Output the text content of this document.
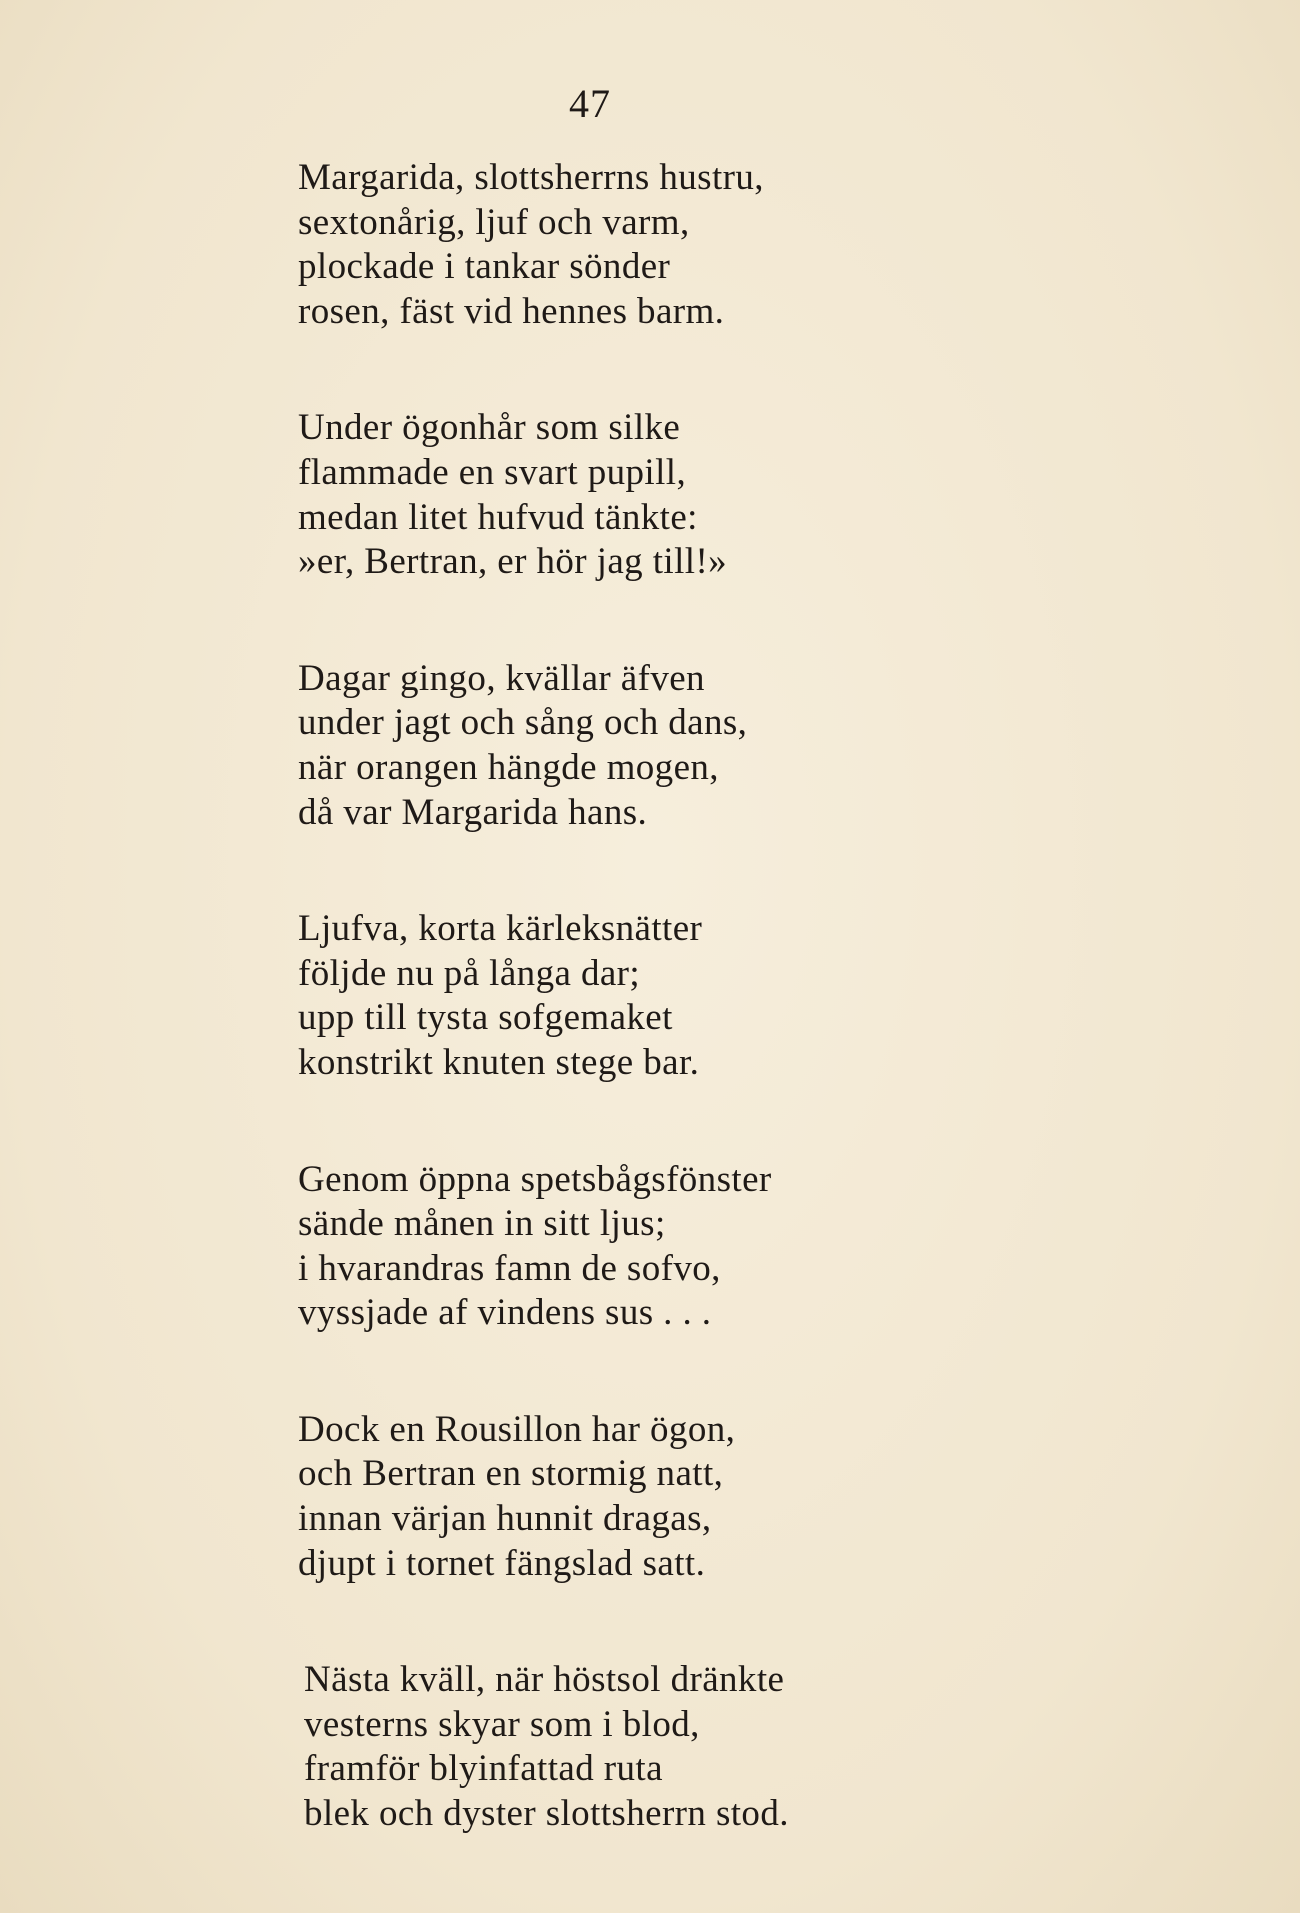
47
Margarida, slottsherrns hustru,
sextonårig, ljuf och varm,
plockade i tankar sönder
rosen, fäst vid hennes barm.
Under ögonhår som silke
flammade en svart pupill,
medan litet hufvud tänkte:
»er, Bertran, er hör jag till!»
Dagar gingo, kvällar äfven
under jagt och sång och dans,
när orangen hängde mogen,
då var Margarida hans.
Ljufva, korta kärleksnätter
följde nu på långa dar;
upp till tysta sofgemaket
konstrikt knuten stege bar.
Genom öppna spetsbågsfönster
sände månen in sitt ljus;
i hvarandras famn de sofvo,
vyssjade af vindens sus . . .
Dock en Rousillon har ögon,
och Bertran en stormig natt,
innan värjan hunnit dragas,
djupt i tornet fängslad satt.
Nästa kväll, när höstsol dränkte
vesterns skyar som i blod,
framför blyinfattad ruta
blek och dyster slottsherrn stod.
